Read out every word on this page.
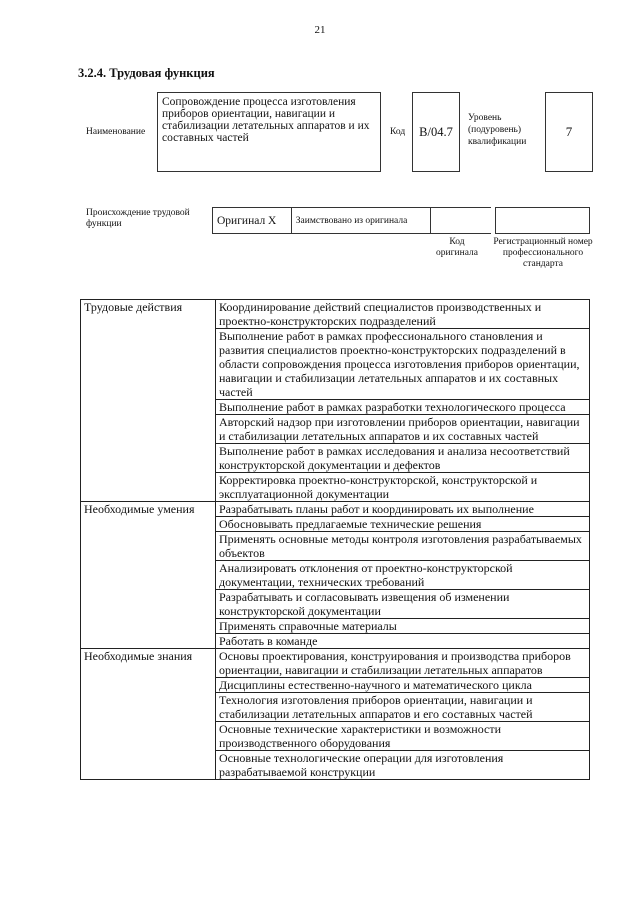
21
3.2.4. Трудовая функция
Наименование
Сопровождение процесса изготовления приборов ориентации, навигации и стабилизации летательных аппаратов и их составных частей	Код	B/04.7
Уровень (подуровень) квалификации
7
Происхождение трудовой функции	Оригинал X	Заимствовано из оригинала
Код оригинала
Регистрационный номер профессионального стандарта
Трудовые действия	Координирование действий специалистов производственных и проектно-конструкторских подразделений
	Выполнение работ в рамках профессионального становления и развития специалистов проектно-конструкторских подразделений в области сопровождения процесса изготовления приборов ориентации, навигации и стабилизации летательных аппаратов и их составных частей
	Выполнение работ в рамках разработки технологического процесса
	Авторский надзор при изготовлении приборов ориентации, навигации и стабилизации летательных аппаратов и их составных частей
	Выполнение работ в рамках исследования и анализа несоответствий конструкторской документации и дефектов
	Корректировка проектно-конструкторской, конструкторской и эксплуатационной документации
Необходимые умения	Разрабатывать планы работ и координировать их выполнение
	Обосновывать предлагаемые технические решения
	Применять основные методы контроля изготовления разрабатываемых объектов
	Анализировать отклонения от проектно-конструкторской документации, технических требований
	Разрабатывать и согласовывать извещения об изменении конструкторской документации
	Применять справочные материалы
	Работать в команде
Необходимые знания	Основы проектирования, конструирования и производства приборов ориентации, навигации и стабилизации летательных аппаратов
	Дисциплины естественно-научного и математического цикла
	Технология изготовления приборов ориентации, навигации и стабилизации летательных аппаратов и его составных частей
	Основные технические характеристики и возможности производственного оборудования
	Основные технологические операции для изготовления разрабатываемой конструкции
